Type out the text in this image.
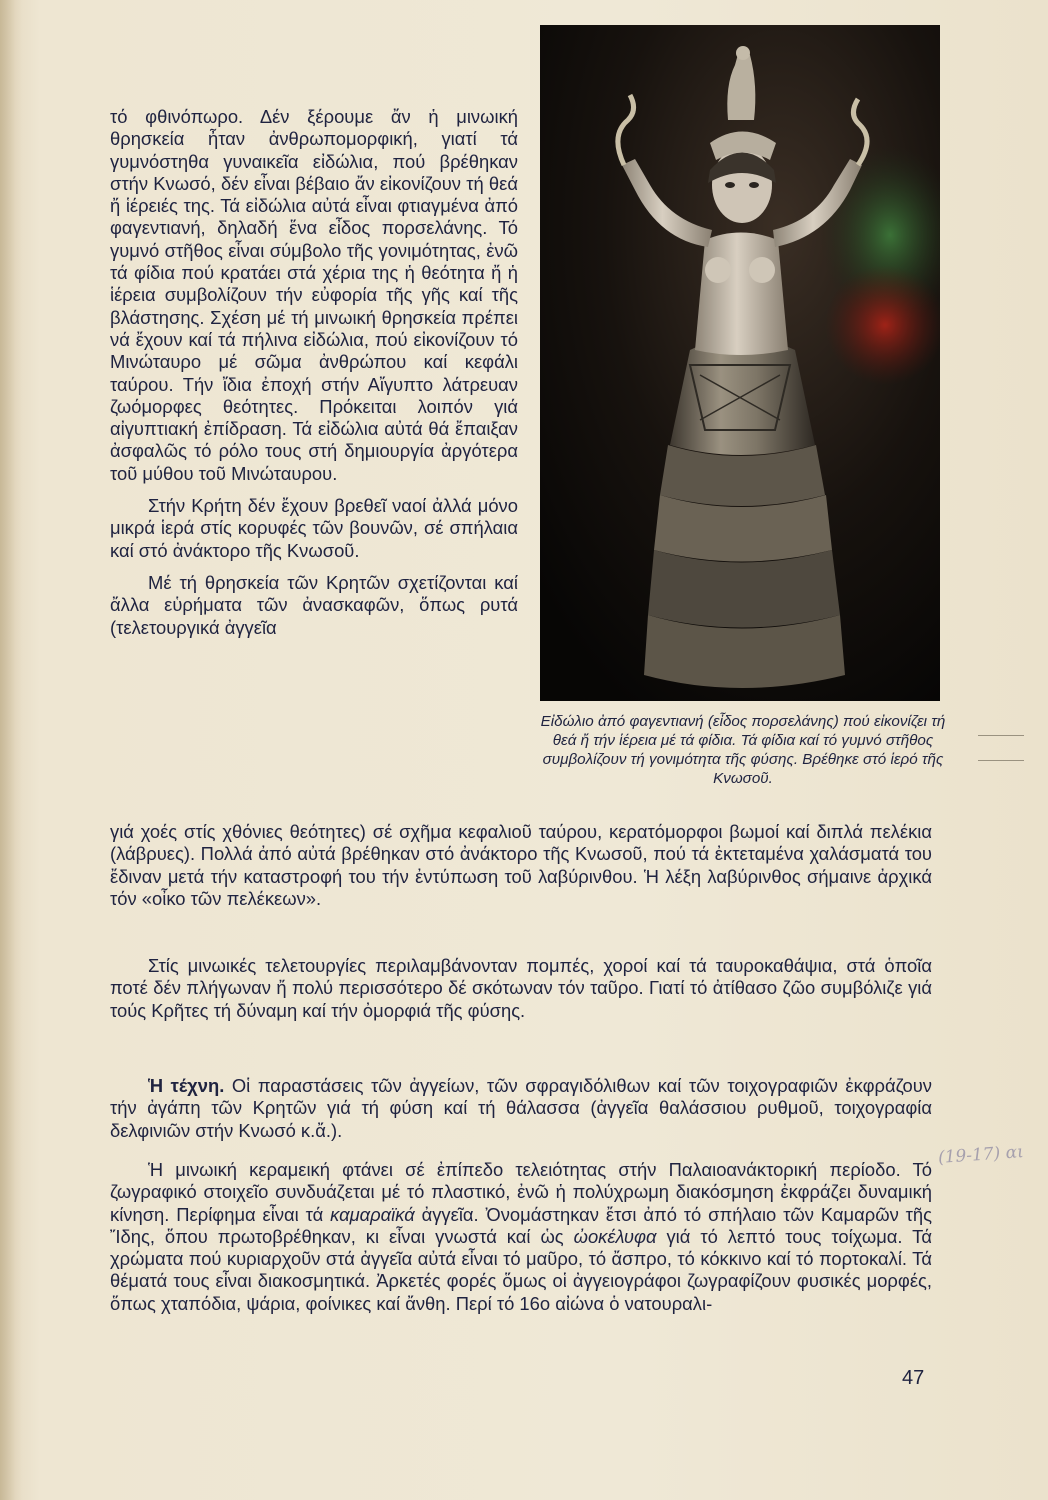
τό φθινόπωρο. Δέν ξέρουμε ἄν ἡ μινωική θρησκεία ἦταν ἀνθρωπομορφική, γιατί τά γυμνόστηθα γυναικεῖα εἰδώλια, πού βρέθηκαν στήν Κνωσό, δέν εἶναι βέβαιο ἄν εἰκονίζουν τή θεά ἤ ἱέρειές της. Τά εἰδώλια αὐτά εἶναι φτιαγμένα ἀπό φαγεντιανή, δηλαδή ἕνα εἶδος πορσελάνης. Τό γυμνό στῆθος εἶναι σύμβολο τῆς γονιμότητας, ἐνῶ τά φίδια πού κρατάει στά χέρια της ἡ θεότητα ἤ ἡ ἱέρεια συμβολίζουν τήν εὐφορία τῆς γῆς καί τῆς βλάστησης. Σχέση μέ τή μινωική θρησκεία πρέπει νά ἔχουν καί τά πήλινα εἰδώλια, πού εἰκονίζουν τό Μινώταυρο μέ σῶμα ἀνθρώπου καί κεφάλι ταύρου. Τήν ἴδια ἐποχή στήν Αἴγυπτο λάτρευαν ζωόμορφες θεότητες. Πρόκειται λοιπόν γιά αἰγυπτιακή ἐπίδραση. Τά εἰδώλια αὐτά θά ἔπαιξαν ἀσφαλῶς τό ρόλο τους στή δημιουργία ἀργότερα τοῦ μύθου τοῦ Μινώταυρου.

Στήν Κρήτη δέν ἔχουν βρεθεῖ ναοί ἀλλά μόνο μικρά ἱερά στίς κορυφές τῶν βουνῶν, σέ σπήλαια καί στό ἀνάκτορο τῆς Κνωσοῦ.

Μέ τή θρησκεία τῶν Κρητῶν σχετίζονται καί ἄλλα εὑρήματα τῶν ἀνασκαφῶν, ὅπως ρυτά (τελετουργικά ἀγγεῖα

Εἰδώλιο ἀπό φαγεντιανή (εἶδος πορσελάνης) πού εἰκονίζει τή θεά ἤ τήν ἱέρεια μέ τά φίδια. Τά φίδια καί τό γυμνό στῆθος συμβολίζουν τή γονιμότητα τῆς φύσης. Βρέθηκε στό ἱερό τῆς Κνωσοῦ.
γιά χοές στίς χθόνιες θεότητες) σέ σχῆμα κεφαλιοῦ ταύρου, κερατόμορφοι βωμοί καί διπλά πελέκια (λάβρυες). Πολλά ἀπό αὐτά βρέθηκαν στό ἀνάκτορο τῆς Κνωσοῦ, πού τά ἐκτεταμένα χαλάσματά του ἔδιναν μετά τήν καταστροφή του τήν ἐντύπωση τοῦ λαβύρινθου. Ἡ λέξη λαβύρινθος σήμαινε ἀρχικά τόν «οἶκο τῶν πελέκεων».
Στίς μινωικές τελετουργίες περιλαμβάνονταν πομπές, χοροί καί τά ταυροκαθάψια, στά ὁποῖα ποτέ δέν πλήγωναν ἤ πολύ περισσότερο δέ σκότωναν τόν ταῦρο. Γιατί τό ἀτίθασο ζῶο συμβόλιζε γιά τούς Κρῆτες τή δύναμη καί τήν ὀμορφιά τῆς φύσης.
Ἡ τέχνη. Οἱ παραστάσεις τῶν ἀγγείων, τῶν σφραγιδόλιθων καί τῶν τοιχογραφιῶν ἐκφράζουν τήν ἀγάπη τῶν Κρητῶν γιά τή φύση καί τή θάλασσα (ἀγγεῖα θαλάσσιου ρυθμοῦ, τοιχογραφία δελφινιῶν στήν Κνωσό κ.ἄ.).
Ἡ μινωική κεραμεική φτάνει σέ ἐπίπεδο τελειότητας στήν Παλαιοανάκτορική περίοδο. Τό ζωγραφικό στοιχεῖο συνδυάζεται μέ τό πλαστικό, ἐνῶ ἡ πολύχρωμη διακόσμηση ἐκφράζει δυναμική κίνηση. Περίφημα εἶναι τά καμαραϊκά ἀγγεῖα. Ὀνομάστηκαν ἔτσι ἀπό τό σπήλαιο τῶν Καμαρῶν τῆς Ἴδης, ὅπου πρωτοβρέθηκαν, κι εἶναι γνωστά καί ὡς ὠοκέλυφα γιά τό λεπτό τους τοίχωμα. Τά χρώματα πού κυριαρχοῦν στά ἀγγεῖα αὐτά εἶναι τό μαῦρο, τό ἄσπρο, τό κόκκινο καί τό πορτοκαλί. Τά θέματά τους εἶναι διακοσμητικά. Ἀρκετές φορές ὅμως οἱ ἀγγειογράφοι ζωγραφίζουν φυσικές μορφές, ὅπως χταπόδια, ψάρια, φοίνικες καί ἄνθη. Περί τό 16ο αἰώνα ὁ νατουραλι-
(19-17) αι
47
